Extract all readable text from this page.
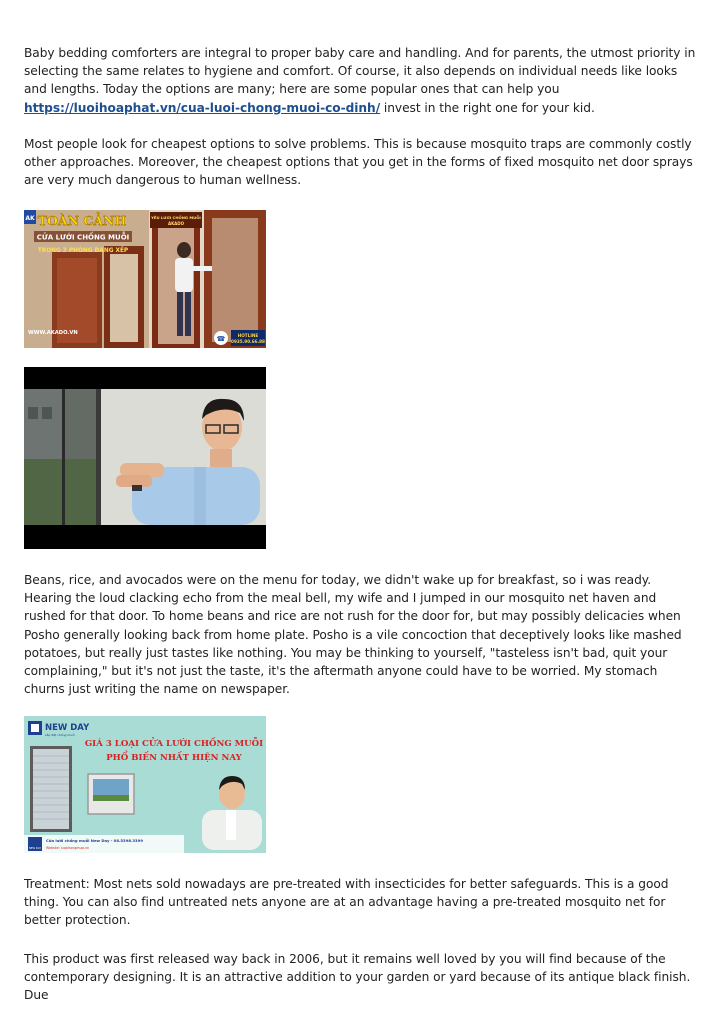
Baby bedding comforters are integral to proper baby care and handling. And for parents, the utmost priority in selecting the same relates to hygiene and comfort. Of course, it also depends on individual needs like looks and lengths. Today the options are many; here are some popular ones that can help you https://luoihoaphat.vn/cua-luoi-chong-muoi-co-dinh/ invest in the right one for your kid.

Most people look for cheapest options to solve problems. This is because mosquito traps are commonly costly other approaches. Moreover, the cheapest options that you get in the forms of fixed mosquito net door sprays are very much dangerous to human wellness.

AK TOÀN CẢNH
CỬA LƯỚI CHỐNG MUỖI
TRONG 3 PHÒNG ĐANG XẾP
YÊU LƯỚI CHỐNG MUỖI
AKADO
WWW.AKADO.VN
☎	HOTLINE
0935.90.66.88

Beans, rice, and avocados were on the menu for today, we didn't wake up for breakfast, so i was ready. Hearing the loud clacking echo from the meal bell, my wife and I jumped in our mosquito net haven and rushed for that door. To home beans and rice are not rush for the door for, but may possibly delicacies when Posho generally looking back from home plate. Posho is a vile concoction that deceptively looks like mashed potatoes, but really just tastes like nothing. You may be thinking to yourself, "tasteless isn't bad, quit your complaining," but it's not just the taste, it's the aftermath anyone could have to be worried. My stomach churns just writing the name on newspaper.

NEW DAY
Lắp đặt chống muỗi
GIÁ 3 LOẠI CỬA LƯỚI CHỐNG MUỖI
PHỔ BIẾN NHẤT HIỆN NAY
Cửa lưới chống muỗi New Day - 08.5398.3399
NEW DAY Website: luoichongmuoi.vn

Treatment: Most nets sold nowadays are pre-treated with insecticides for better safeguards. This is a good thing. You can also find untreated nets anyone are at an advantage having a pre-treated mosquito net for better protection.

This product was first released way back in 2006, but it remains well loved by you will find because of the contemporary designing. It is an attractive addition to your garden or yard because of its antique black finish. Due
